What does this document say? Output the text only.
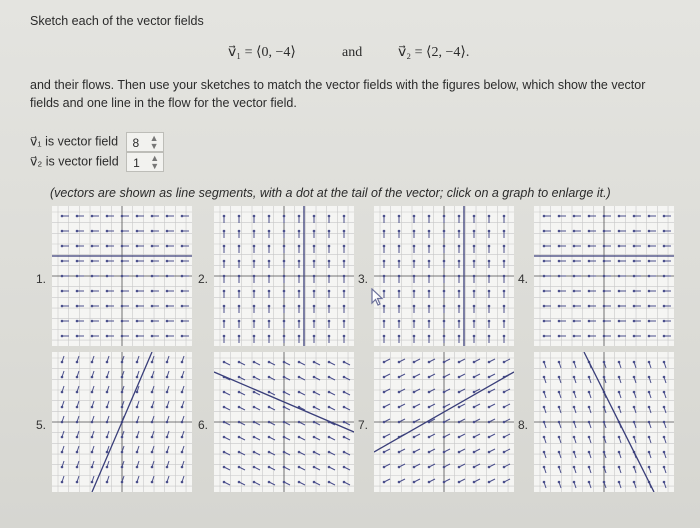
Sketch each of the vector fields
v⃗₁ = ⟨0, −4⟩	and	v⃗₂ = ⟨2, −4⟩.
and their flows. Then use your sketches to match the vector fields with the figures below, which show the vector fields and one line in the flow for the vector field.
v⃗₁ is vector field 8 ▲
▼
v⃗₂ is vector field 1 ▲
▼
(vectors are shown as line segments, with a dot at the tail of the vector; click on a graph to enlarge it.)
1.	2.	3.	4.
5.	6.	7.	8.
